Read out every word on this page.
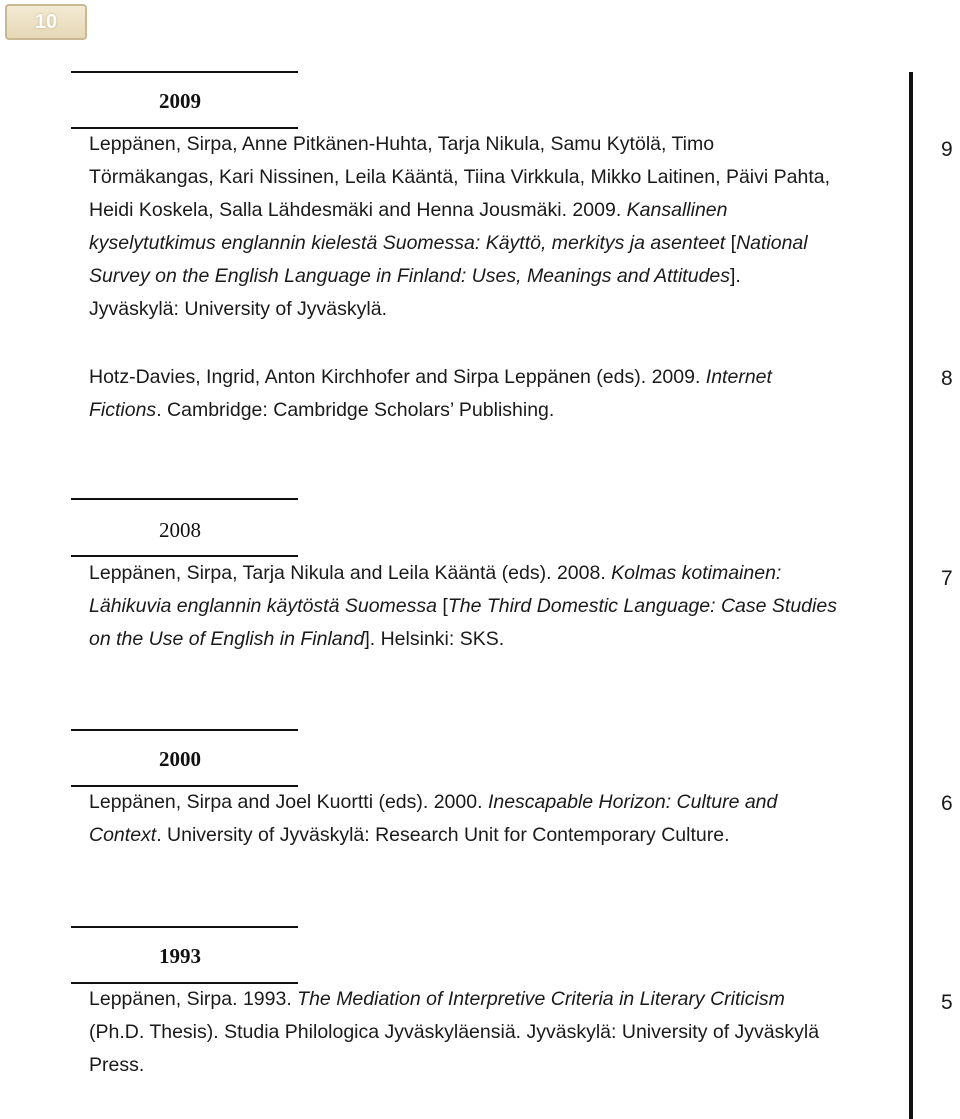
10
2009
Leppänen, Sirpa, Anne Pitkänen-Huhta, Tarja Nikula, Samu Kytölä, Timo
Törmäkangas, Kari Nissinen, Leila Kääntä, Tiina Virkkula, Mikko Laitinen, Päivi Pahta,
Heidi Koskela, Salla Lähdesmäki and Henna Jousmäki. 2009. Kansallinen
kyselytutkimus englannin kielestä Suomessa: Käyttö, merkitys ja asenteet [National
Survey on the English Language in Finland: Uses, Meanings and Attitudes].
Jyväskylä: University of Jyväskylä.
9
Hotz-Davies, Ingrid, Anton Kirchhofer and Sirpa Leppänen (eds). 2009. Internet
Fictions. Cambridge: Cambridge Scholars’ Publishing.
8
2008
Leppänen, Sirpa, Tarja Nikula and Leila Kääntä (eds). 2008. Kolmas kotimainen:
Lähikuvia englannin käytöstä Suomessa [The Third Domestic Language: Case Studies
on the Use of English in Finland]. Helsinki: SKS.
7
2000
Leppänen, Sirpa and Joel Kuortti (eds). 2000. Inescapable Horizon: Culture and
Context. University of Jyväskylä: Research Unit for Contemporary Culture.
6
1993
Leppänen, Sirpa. 1993. The Mediation of Interpretive Criteria in Literary Criticism
(Ph.D. Thesis). Studia Philologica Jyväskyläensiä. Jyväskylä: University of Jyväskylä
Press.
5
